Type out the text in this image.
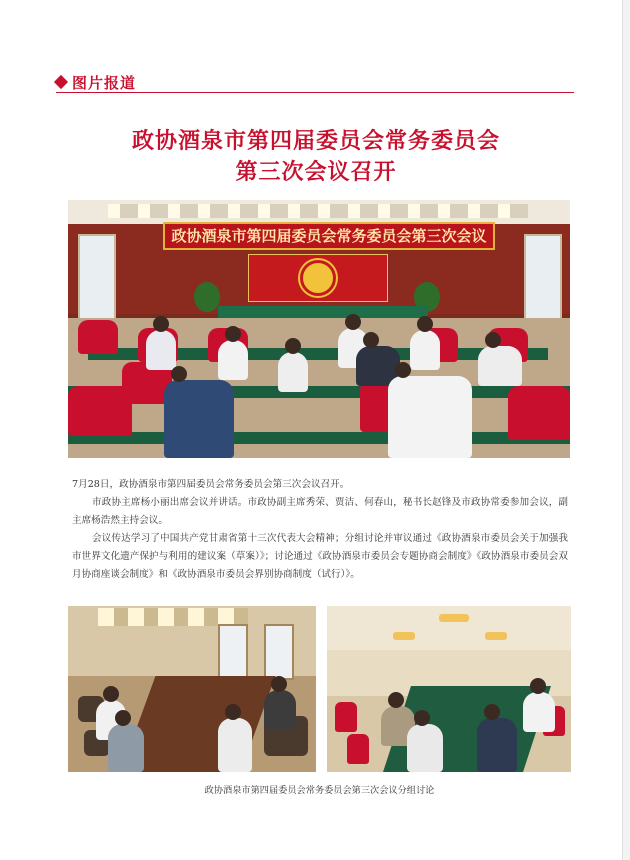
图片报道
政协酒泉市第四届委员会常务委员会
第三次会议召开
政协酒泉市第四届委员会常务委员会第三次会议

7月28日，政协酒泉市第四届委员会常务委员会第三次会议召开。

市政协主席杨小丽出席会议并讲话。市政协副主席秀荣、贾洁、何春山，秘书长赵锋及市政协常委参加会议，副主席杨浩然主持会议。

会议传达学习了中国共产党甘肃省第十三次代表大会精神；分组讨论并审议通过《政协酒泉市委员会关于加强我市世界文化遗产保护与利用的建议案（草案）》；讨论通过《政协酒泉市委员会专题协商会制度》《政协酒泉市委员会双月协商座谈会制度》和《政协酒泉市委员会界别协商制度（试行）》。

政协酒泉市第四届委员会常务委员会第三次会议分组讨论
